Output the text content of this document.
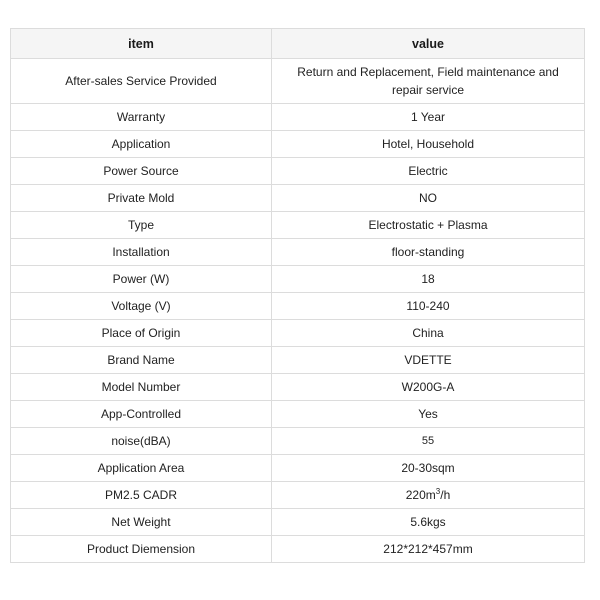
item	value
After-sales Service Provided	Return and Replacement, Field maintenance and repair service
Warranty	1 Year
Application	Hotel, Household
Power Source	Electric
Private Mold	NO
Type	Electrostatic + Plasma
Installation	floor-standing
Power (W)	18
Voltage (V)	110-240
Place of Origin	China
Brand Name	VDETTE
Model Number	W200G-A
App-Controlled	Yes
noise(dBA)	55
Application Area	20-30sqm
PM2.5 CADR	$220m^3/h$
Net Weight	5.6kgs
Product Diemension	212*212*457mm
